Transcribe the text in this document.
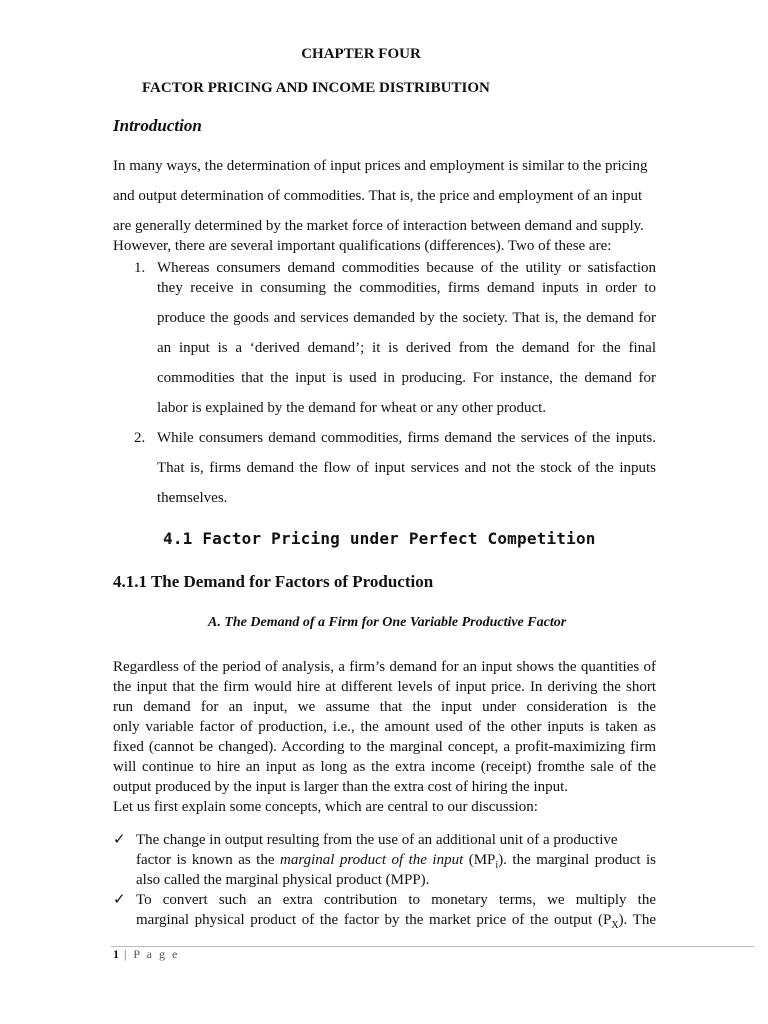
CHAPTER FOUR
FACTOR PRICING AND INCOME DISTRIBUTION
Introduction
In many ways, the determination of input prices and employment is similar to the pricing
and output determination of commodities. That is, the price and employment of an input
are generally determined by the market force of interaction between demand and supply.
However, there are several important qualifications (differences). Two of these are:
1. Whereas consumers demand commodities because of the utility or satisfaction
they receive in consuming the commodities, firms demand inputs in order to
produce the goods and services demanded by the society. That is, the demand for
an input is a ‘derived demand’; it is derived from the demand for the final
commodities that the input is used in producing. For instance, the demand for
labor is explained by the demand for wheat or any other product.
2. While consumers demand commodities, firms demand the services of the inputs.
That is, firms demand the flow of input services and not the stock of the inputs
themselves.
4.1 Factor Pricing under Perfect Competition
4.1.1 The Demand for Factors of Production
A. The Demand of a Firm for One Variable Productive Factor
Regardless of the period of analysis, a firm’s demand for an input shows the quantities of
the input that the firm would hire at different levels of input price. In deriving the short
run demand for an input, we assume that the input under consideration is the
only variable factor of production, i.e., the amount used of the other inputs is taken as
fixed (cannot be changed). According to the marginal concept, a profit-maximizing firm
will continue to hire an input as long as the extra income (receipt) fromthe sale of the
output produced by the input is larger than the extra cost of hiring the input.
Let us first explain some concepts, which are central to our discussion:
✓ The change in output resulting from the use of an additional unit of a productive
factor is known as the marginal product of the input $(MP_i)$. the marginal product is
also called the marginal physical product (MPP).
✓ To convert such an extra contribution to monetary terms, we multiply the
marginal physical product of the factor by the market price of the output $(P_X)$. The
1 | P a g e
